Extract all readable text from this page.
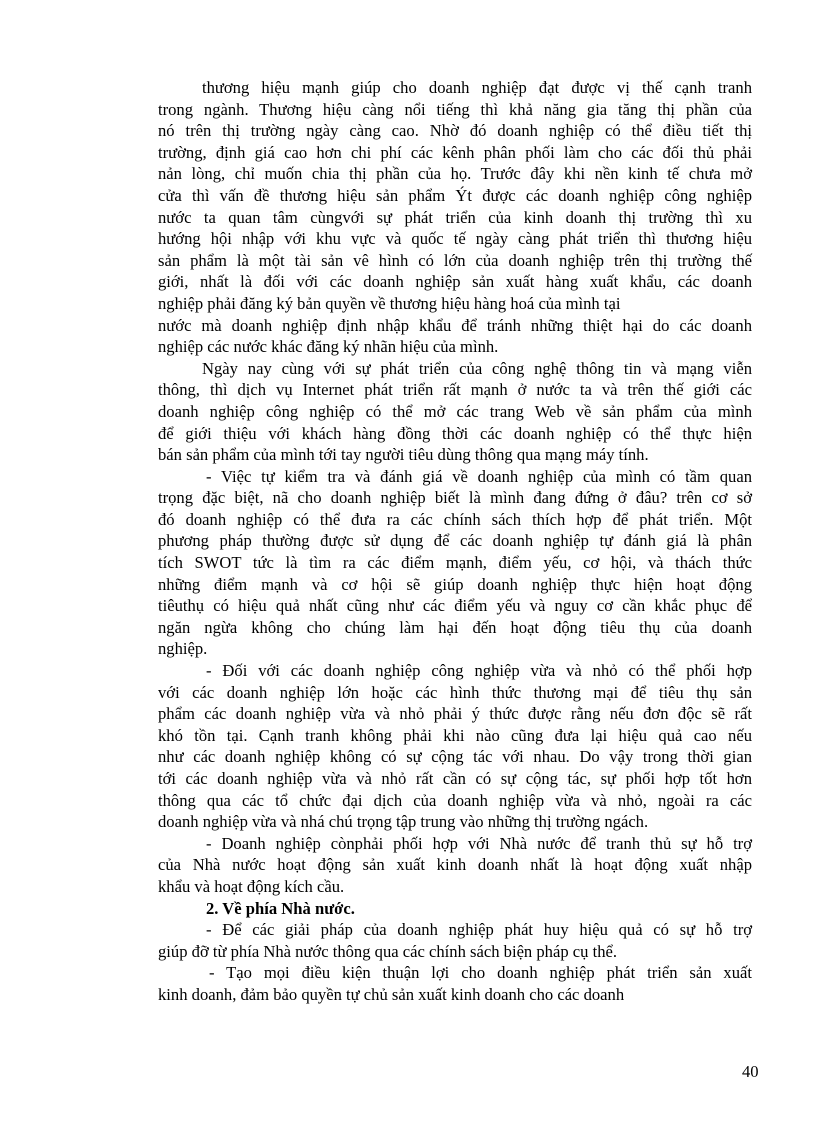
thương hiệu mạnh giúp cho doanh nghiệp đạt được vị thế cạnh tranh
trong ngành. Thương hiệu càng nổi tiếng thì khả năng gia tăng thị phần của
nó trên thị trường ngày càng cao. Nhờ đó doanh nghiệp có thể điều tiết thị
trường, định giá cao hơn chi phí các kênh phân phối làm cho các đối thủ phải
nản lòng, chỉ muốn chia thị phần của họ. Trước đây khi nền kinh tế chưa mở
cửa thì vấn đề thương hiệu sản phẩm Ýt được các doanh nghiệp công nghiệp
nước ta quan tâm cùngvới sự phát triển của kinh doanh thị trường thì xu
hướng hội nhập với khu vực và quốc tế ngày càng phát triển thì thương hiệu
sản phẩm là một tài sản vê hình có lớn của doanh nghiệp trên thị trường thế
giới, nhất là đối với các doanh nghiệp sản xuất hàng xuất khẩu, các doanh
nghiệp phải đăng ký bản quyền về thương hiệu hàng hoá của mình tại
nước mà doanh nghiệp định nhập khẩu để tránh những thiệt hại do các doanh
nghiệp các nước khác đăng ký nhãn hiệu của mình.

Ngày nay cùng với sự phát triển của công nghệ thông tin và mạng viễn
thông, thì dịch vụ Internet phát triển rất mạnh ở nước ta và trên thế giới các
doanh nghiệp công nghiệp có thể mở các trang Web về sản phẩm của mình
để giới thiệu với khách hàng đồng thời các doanh nghiệp có thể thực hiện
bán sản phẩm của mình tới tay người tiêu dùng thông qua mạng máy tính.

- Việc tự kiểm tra và đánh giá về doanh nghiệp của mình có tầm quan
trọng đặc biệt, nã cho doanh nghiệp biết là mình đang đứng ở đâu? trên cơ sở
đó doanh nghiệp có thể đưa ra các chính sách thích hợp để phát triển. Một
phương pháp thường được sử dụng để các doanh nghiệp tự đánh giá là phân
tích SWOT tức là tìm ra các điểm mạnh, điểm yếu, cơ hội, và thách thức
những điểm mạnh và cơ hội sẽ giúp doanh nghiệp thực hiện hoạt động
tiêuthụ có hiệu quả nhất cũng như các điểm yếu và nguy cơ cần khắc phục để
ngăn ngừa không cho chúng làm hại đến hoạt động tiêu thụ của doanh
nghiệp.

- Đối với các doanh nghiệp công nghiệp vừa và nhỏ có thể phối hợp
với các doanh nghiệp lớn hoặc các hình thức thương mại để tiêu thụ sản
phẩm các doanh nghiệp vừa và nhỏ phải ý thức được rằng nếu đơn độc sẽ rất
khó tồn tại. Cạnh tranh không phải khi nào cũng đưa lại hiệu quả cao nếu
như các doanh nghiệp không có sự cộng tác với nhau. Do vậy trong thời gian
tới các doanh nghiệp vừa và nhỏ rất cần có sự cộng tác, sự phối hợp tốt hơn
thông qua các tổ chức đại dịch của doanh nghiệp vừa và nhỏ, ngoài ra các
doanh nghiệp vừa và nhá chú trọng tập trung vào những thị trường ngách.

- Doanh nghiệp cònphải phối hợp với Nhà nước để tranh thủ sự hỗ trợ
của Nhà nước hoạt động sản xuất kinh doanh nhất là hoạt động xuất nhập
khẩu và hoạt động kích cầu.

2. Về phía Nhà nước.

- Để các giải pháp của doanh nghiệp phát huy hiệu quả có sự hỗ trợ
giúp đỡ từ phía Nhà nước thông qua các chính sách biện pháp cụ thể.

- Tạo mọi điều kiện thuận lợi cho doanh nghiệp phát triển sản xuất
kinh doanh, đảm bảo quyền tự chủ sản xuất kinh doanh cho các doanh

40
